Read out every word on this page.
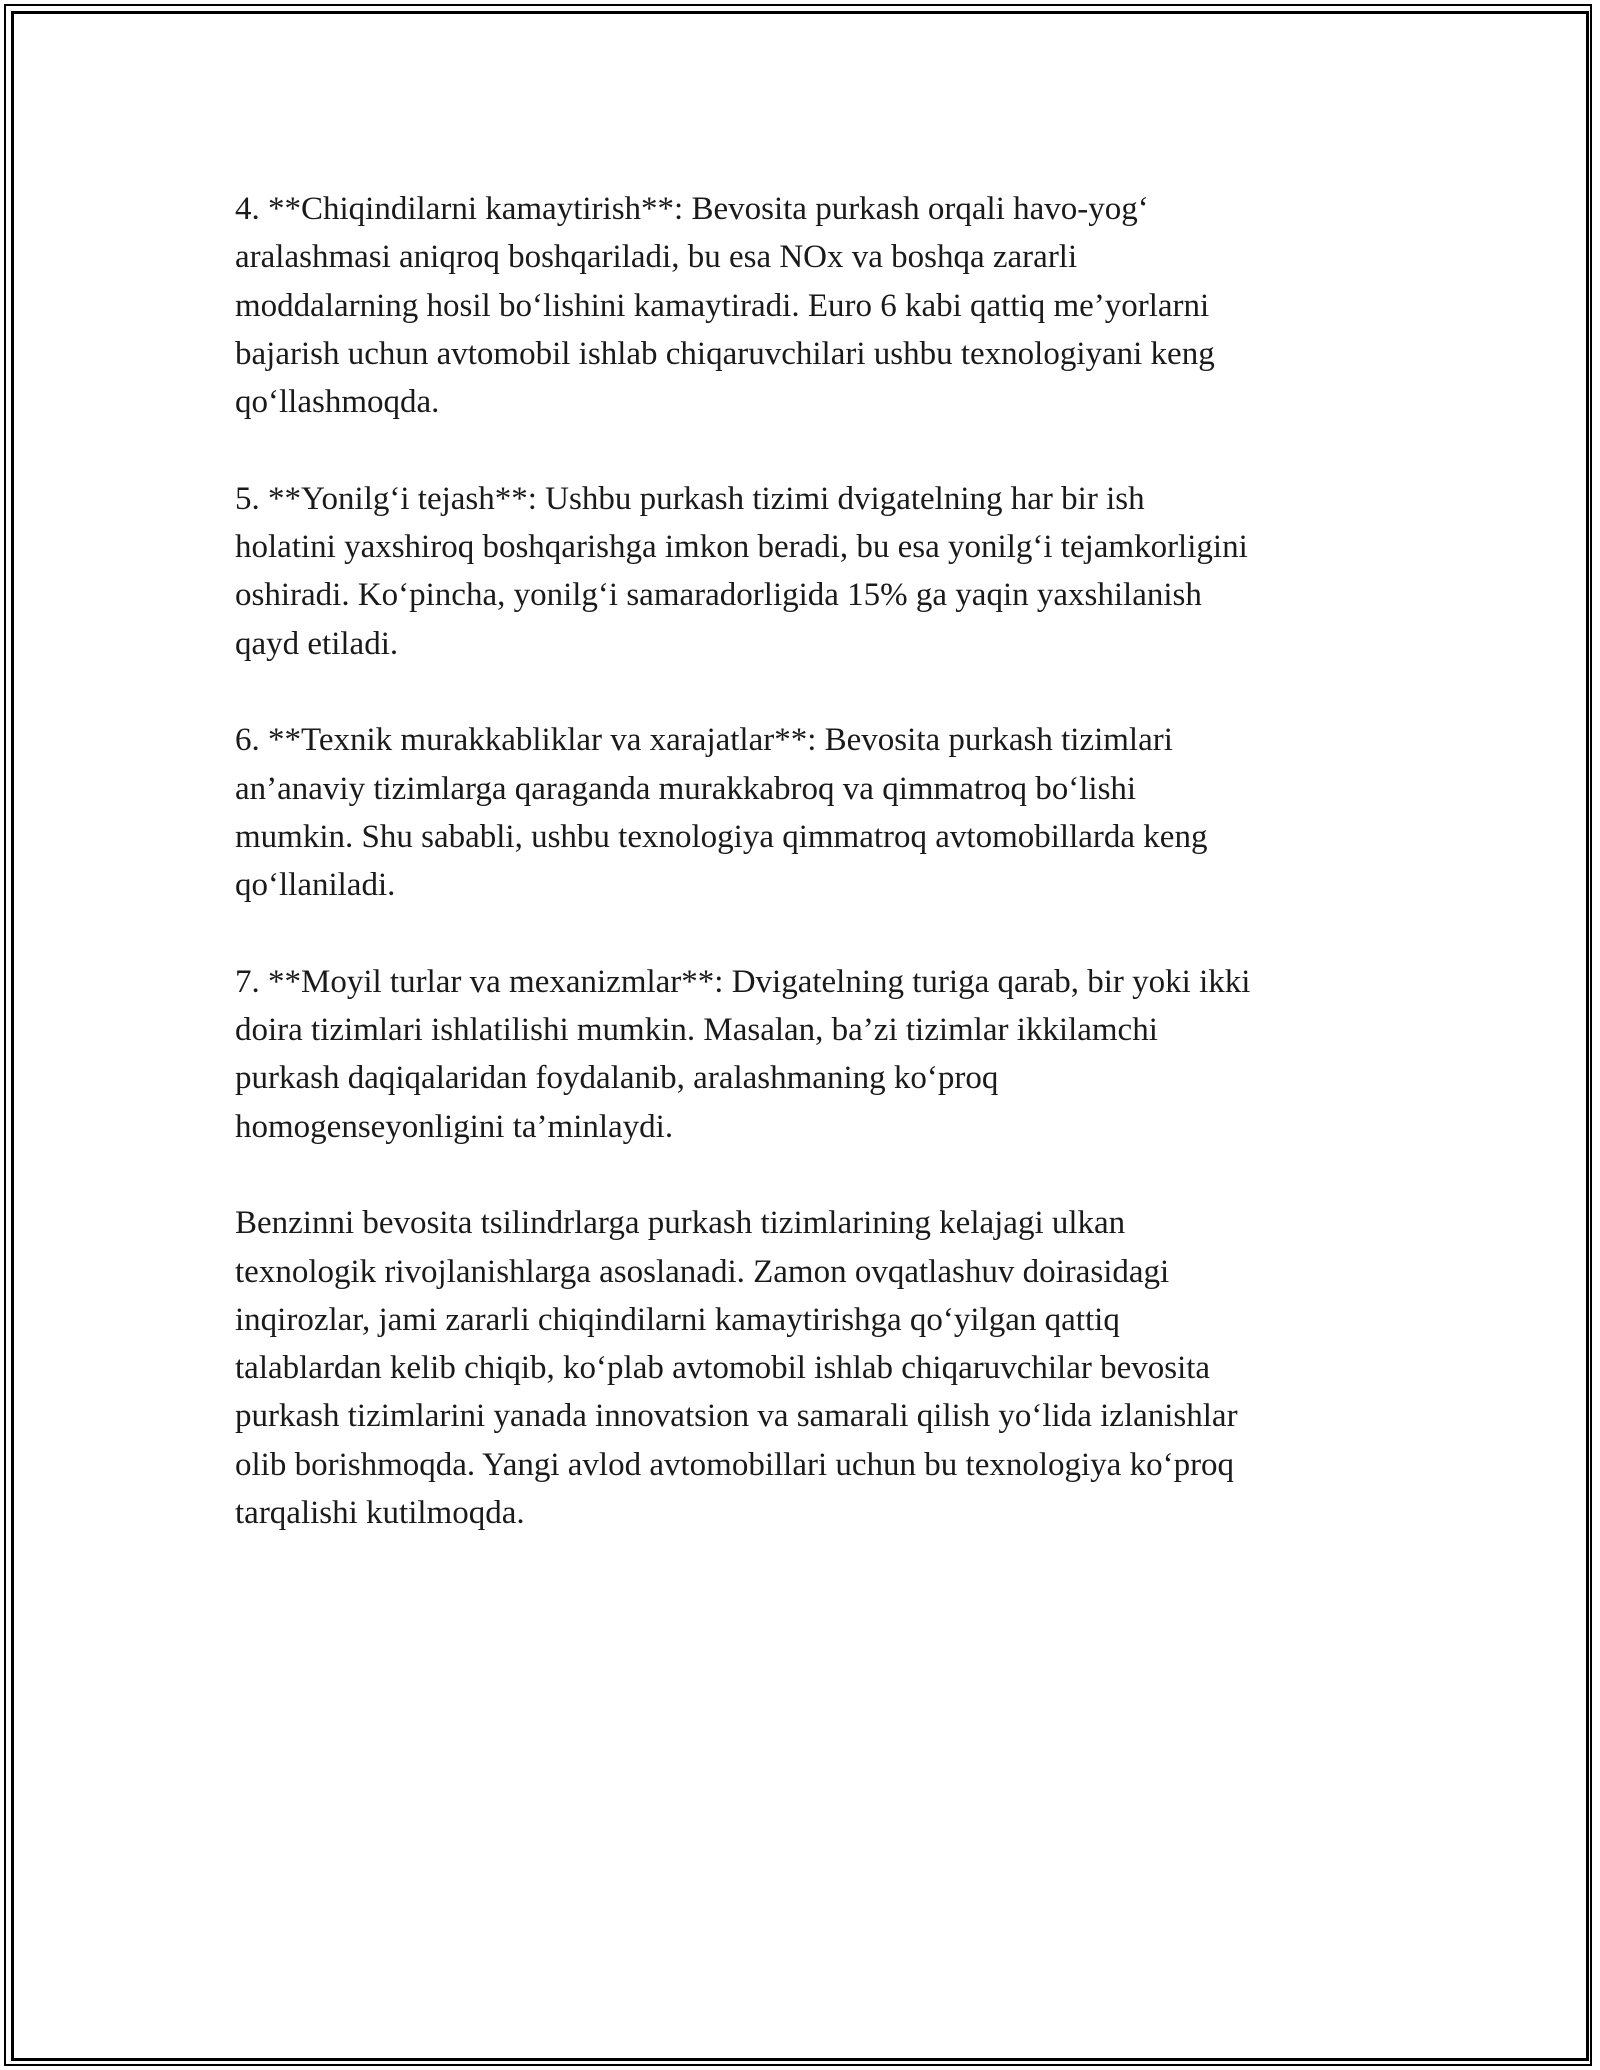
4. **Chiqindilarni kamaytirish**: Bevosita purkash orqali havo-yog‘
aralashmasi aniqroq boshqariladi, bu esa NOx va boshqa zararli
moddalarning hosil bo‘lishini kamaytiradi. Euro 6 kabi qattiq me’yorlarni
bajarish uchun avtomobil ishlab chiqaruvchilari ushbu texnologiyani keng
qo‘llashmoqda.

5. **Yonilg‘i tejash**: Ushbu purkash tizimi dvigatelning har bir ish
holatini yaxshiroq boshqarishga imkon beradi, bu esa yonilg‘i tejamkorligini
oshiradi. Ko‘pincha, yonilg‘i samaradorligida 15% ga yaqin yaxshilanish
qayd etiladi.

6. **Texnik murakkabliklar va xarajatlar**: Bevosita purkash tizimlari
an’anaviy tizimlarga qaraganda murakkabroq va qimmatroq bo‘lishi
mumkin. Shu sababli, ushbu texnologiya qimmatroq avtomobillarda keng
qo‘llaniladi.

7. **Moyil turlar va mexanizmlar**: Dvigatelning turiga qarab, bir yoki ikki
doira tizimlari ishlatilishi mumkin. Masalan, ba’zi tizimlar ikkilamchi
purkash daqiqalaridan foydalanib, aralashmaning ko‘proq
homogenseyonligini ta’minlaydi.

Benzinni bevosita tsilindrlarga purkash tizimlarining kelajagi ulkan
texnologik rivojlanishlarga asoslanadi. Zamon ovqatlashuv doirasidagi
inqirozlar, jami zararli chiqindilarni kamaytirishga qo‘yilgan qattiq
talablardan kelib chiqib, ko‘plab avtomobil ishlab chiqaruvchilar bevosita
purkash tizimlarini yanada innovatsion va samarali qilish yo‘lida izlanishlar
olib borishmoqda. Yangi avlod avtomobillari uchun bu texnologiya ko‘proq
tarqalishi kutilmoqda.
